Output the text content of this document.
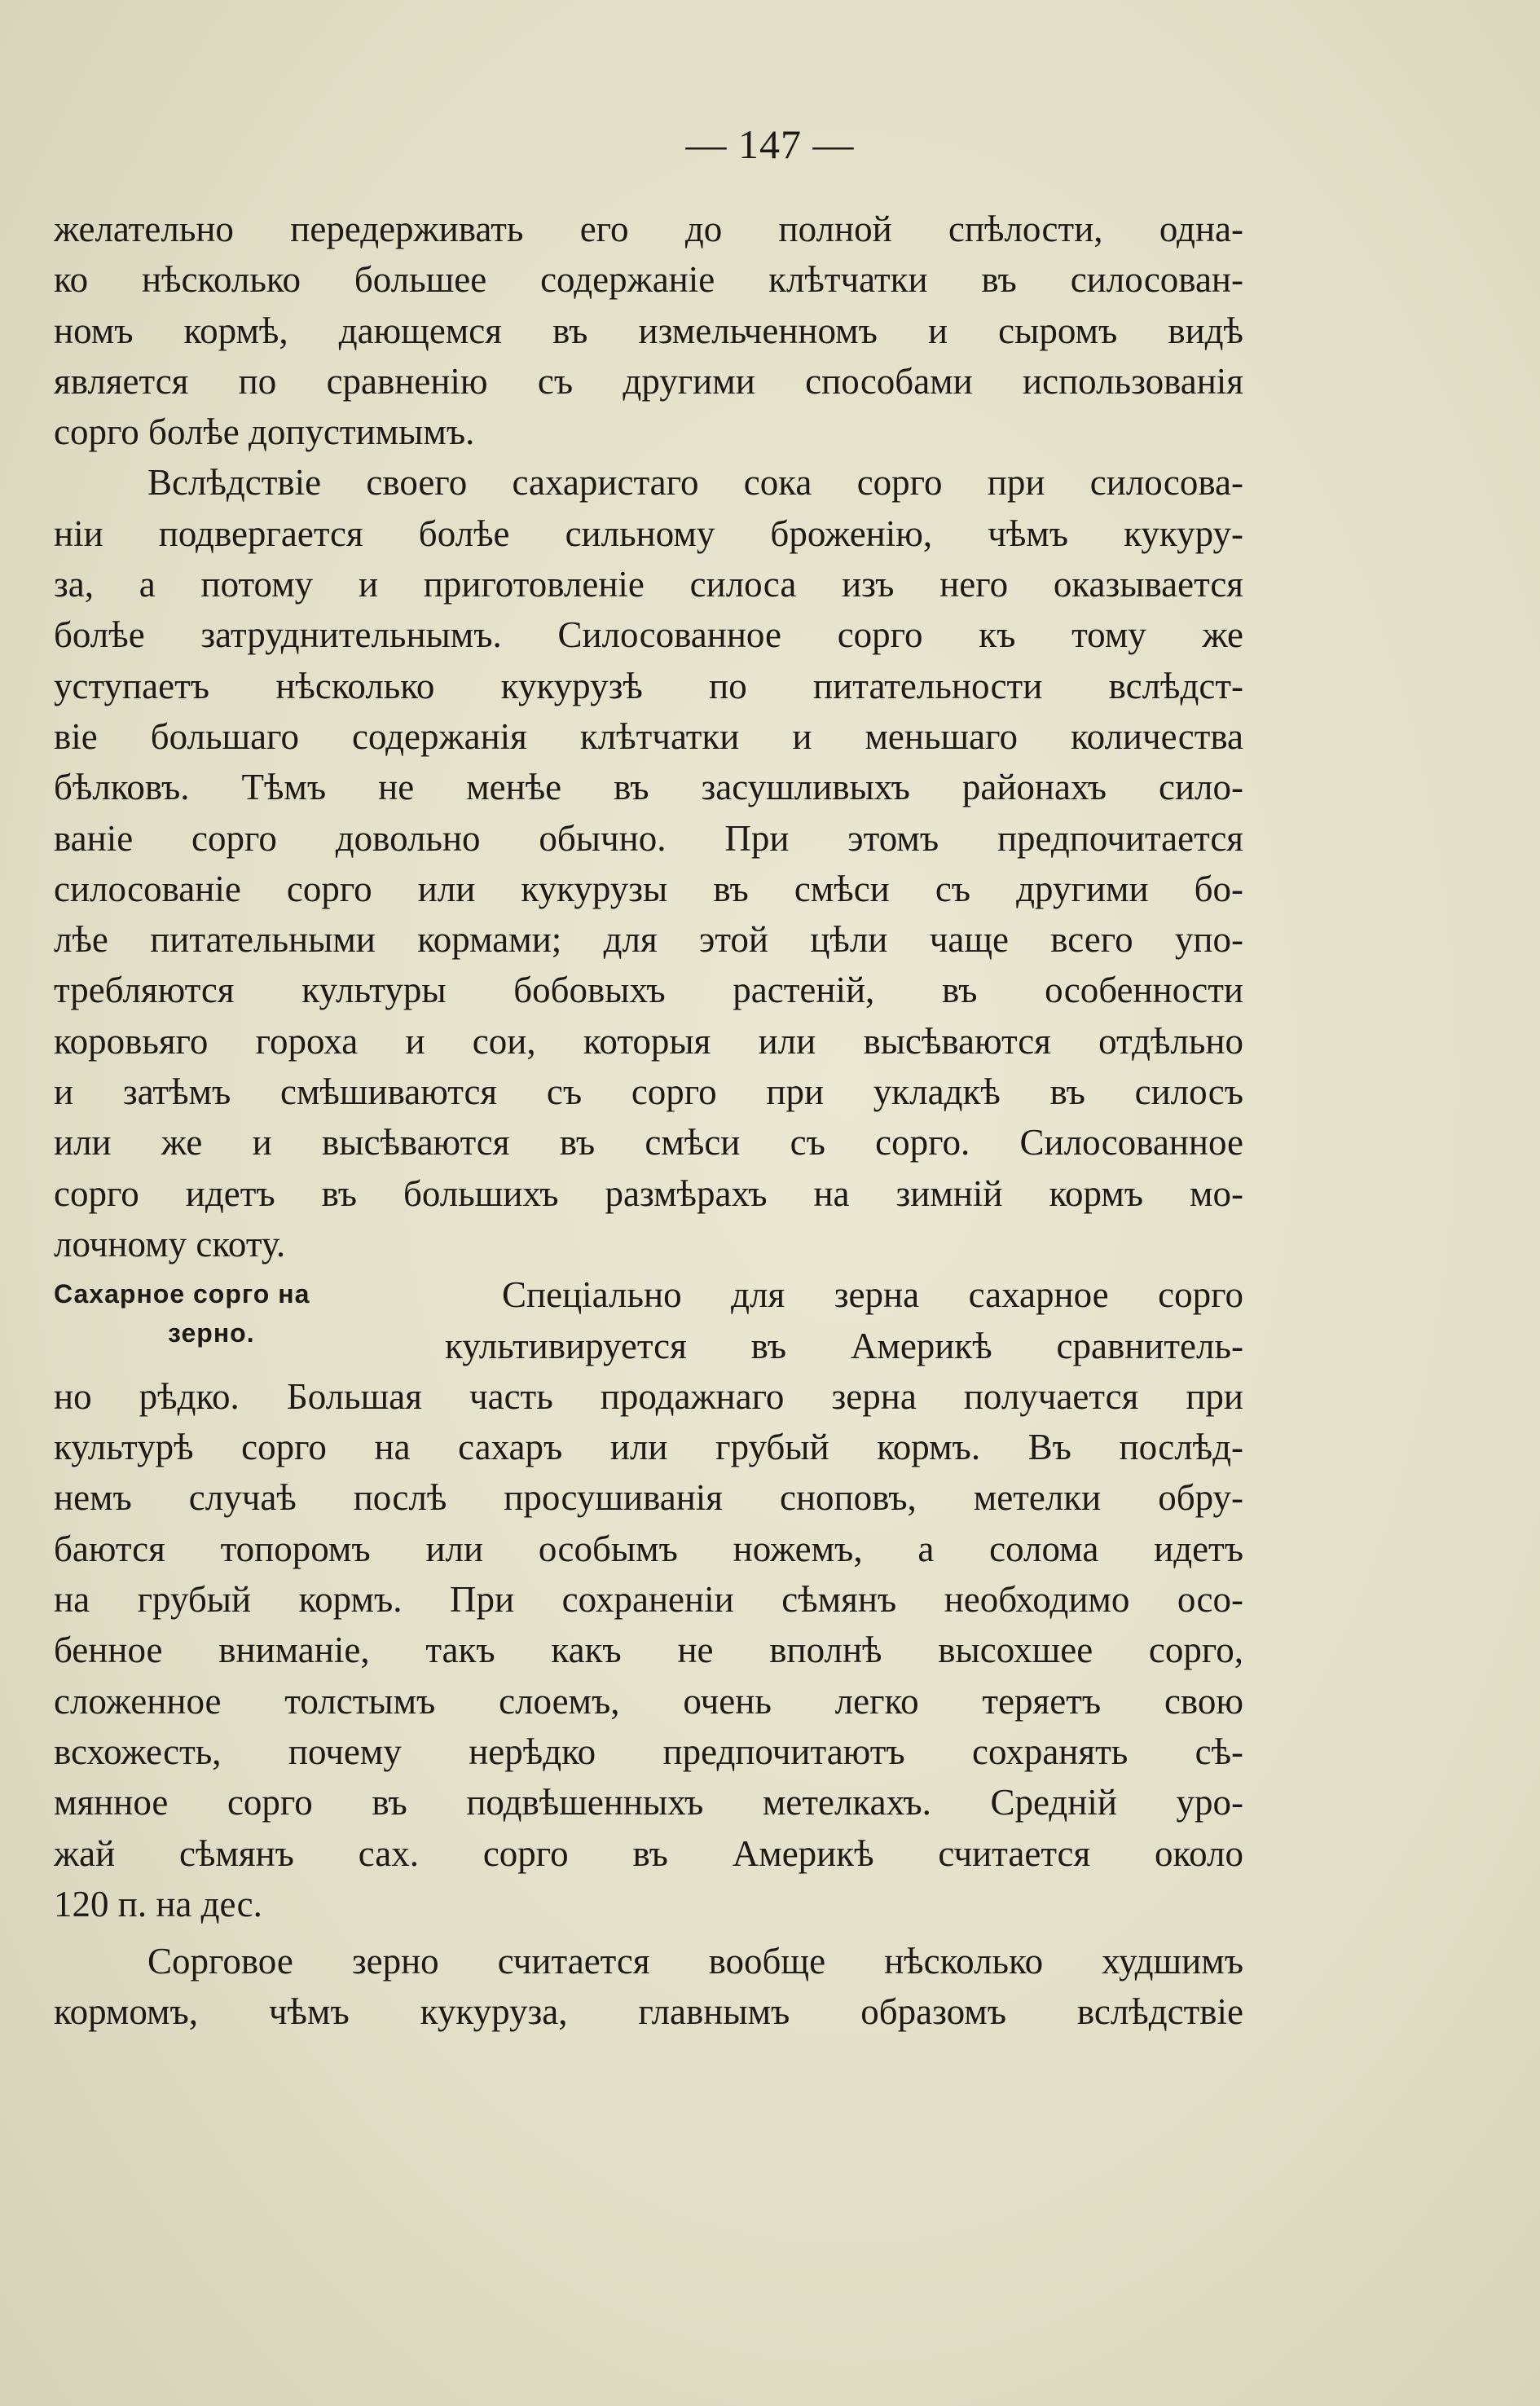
— 147 —
желательно передерживать его до полной спѣлости, одна-
ко нѣсколько большее содержанiе клѣтчатки въ силосован-
номъ кормѣ, дающемся въ измельченномъ и сыромъ видѣ
является по сравненiю съ другими способами использованiя
сорго болѣе допустимымъ.
Вслѣдствiе своего сахаристаго сока сорго при силосова-
нiи подвергается болѣе сильному броженiю, чѣмъ кукуру-
за, а потому и приготовленiе силоса изъ него оказывается
болѣе затруднительнымъ. Силосованное сорго къ тому же
уступаетъ нѣсколько кукурузѣ по питательности вслѣдст-
вiе большаго содержанiя клѣтчатки и меньшаго количества
бѣлковъ. Тѣмъ не менѣе въ засушливыхъ районахъ сило-
ванiе сорго довольно обычно. При этомъ предпочитается
силосованiе сорго или кукурузы въ смѣси съ другими бо-
лѣе питательными кормами; для этой цѣли чаще всего упо-
требляются культуры бобовыхъ растенiй, въ особенности
коровьяго гороха и сои, которыя или высѣваются отдѣльно
и затѣмъ смѣшиваются съ сорго при укладкѣ въ силосъ
или же и высѣваются въ смѣси съ сорго. Силосованное
сорго идетъ въ большихъ размѣрахъ на зимнiй кормъ мо-
лочному скоту.
Сахарное сорго на
зерно.
Спецiально для зерна сахарное сорго
культивируется въ Америкѣ сравнитель-
но рѣдко. Большая часть продажнаго зерна получается при
культурѣ сорго на сахаръ или грубый кормъ. Въ послѣд-
немъ случаѣ послѣ просушиванiя сноповъ, метелки обру-
баются топоромъ или особымъ ножемъ, а солома идетъ
на грубый кормъ. При сохраненiи сѣмянъ необходимо осо-
бенное вниманiе, такъ какъ не вполнѣ высохшее сорго,
сложенное толстымъ слоемъ, очень легко теряетъ свою
всхожесть, почему нерѣдко предпочитаютъ сохранять сѣ-
мянное сорго въ подвѣшенныхъ метелкахъ. Среднiй уро-
жай сѣмянъ сах. сорго въ Америкѣ считается около
120 п. на дес.
Сорговое зерно считается вообще нѣсколько худшимъ
кормомъ, чѣмъ кукуруза, главнымъ образомъ вслѣдствiе
